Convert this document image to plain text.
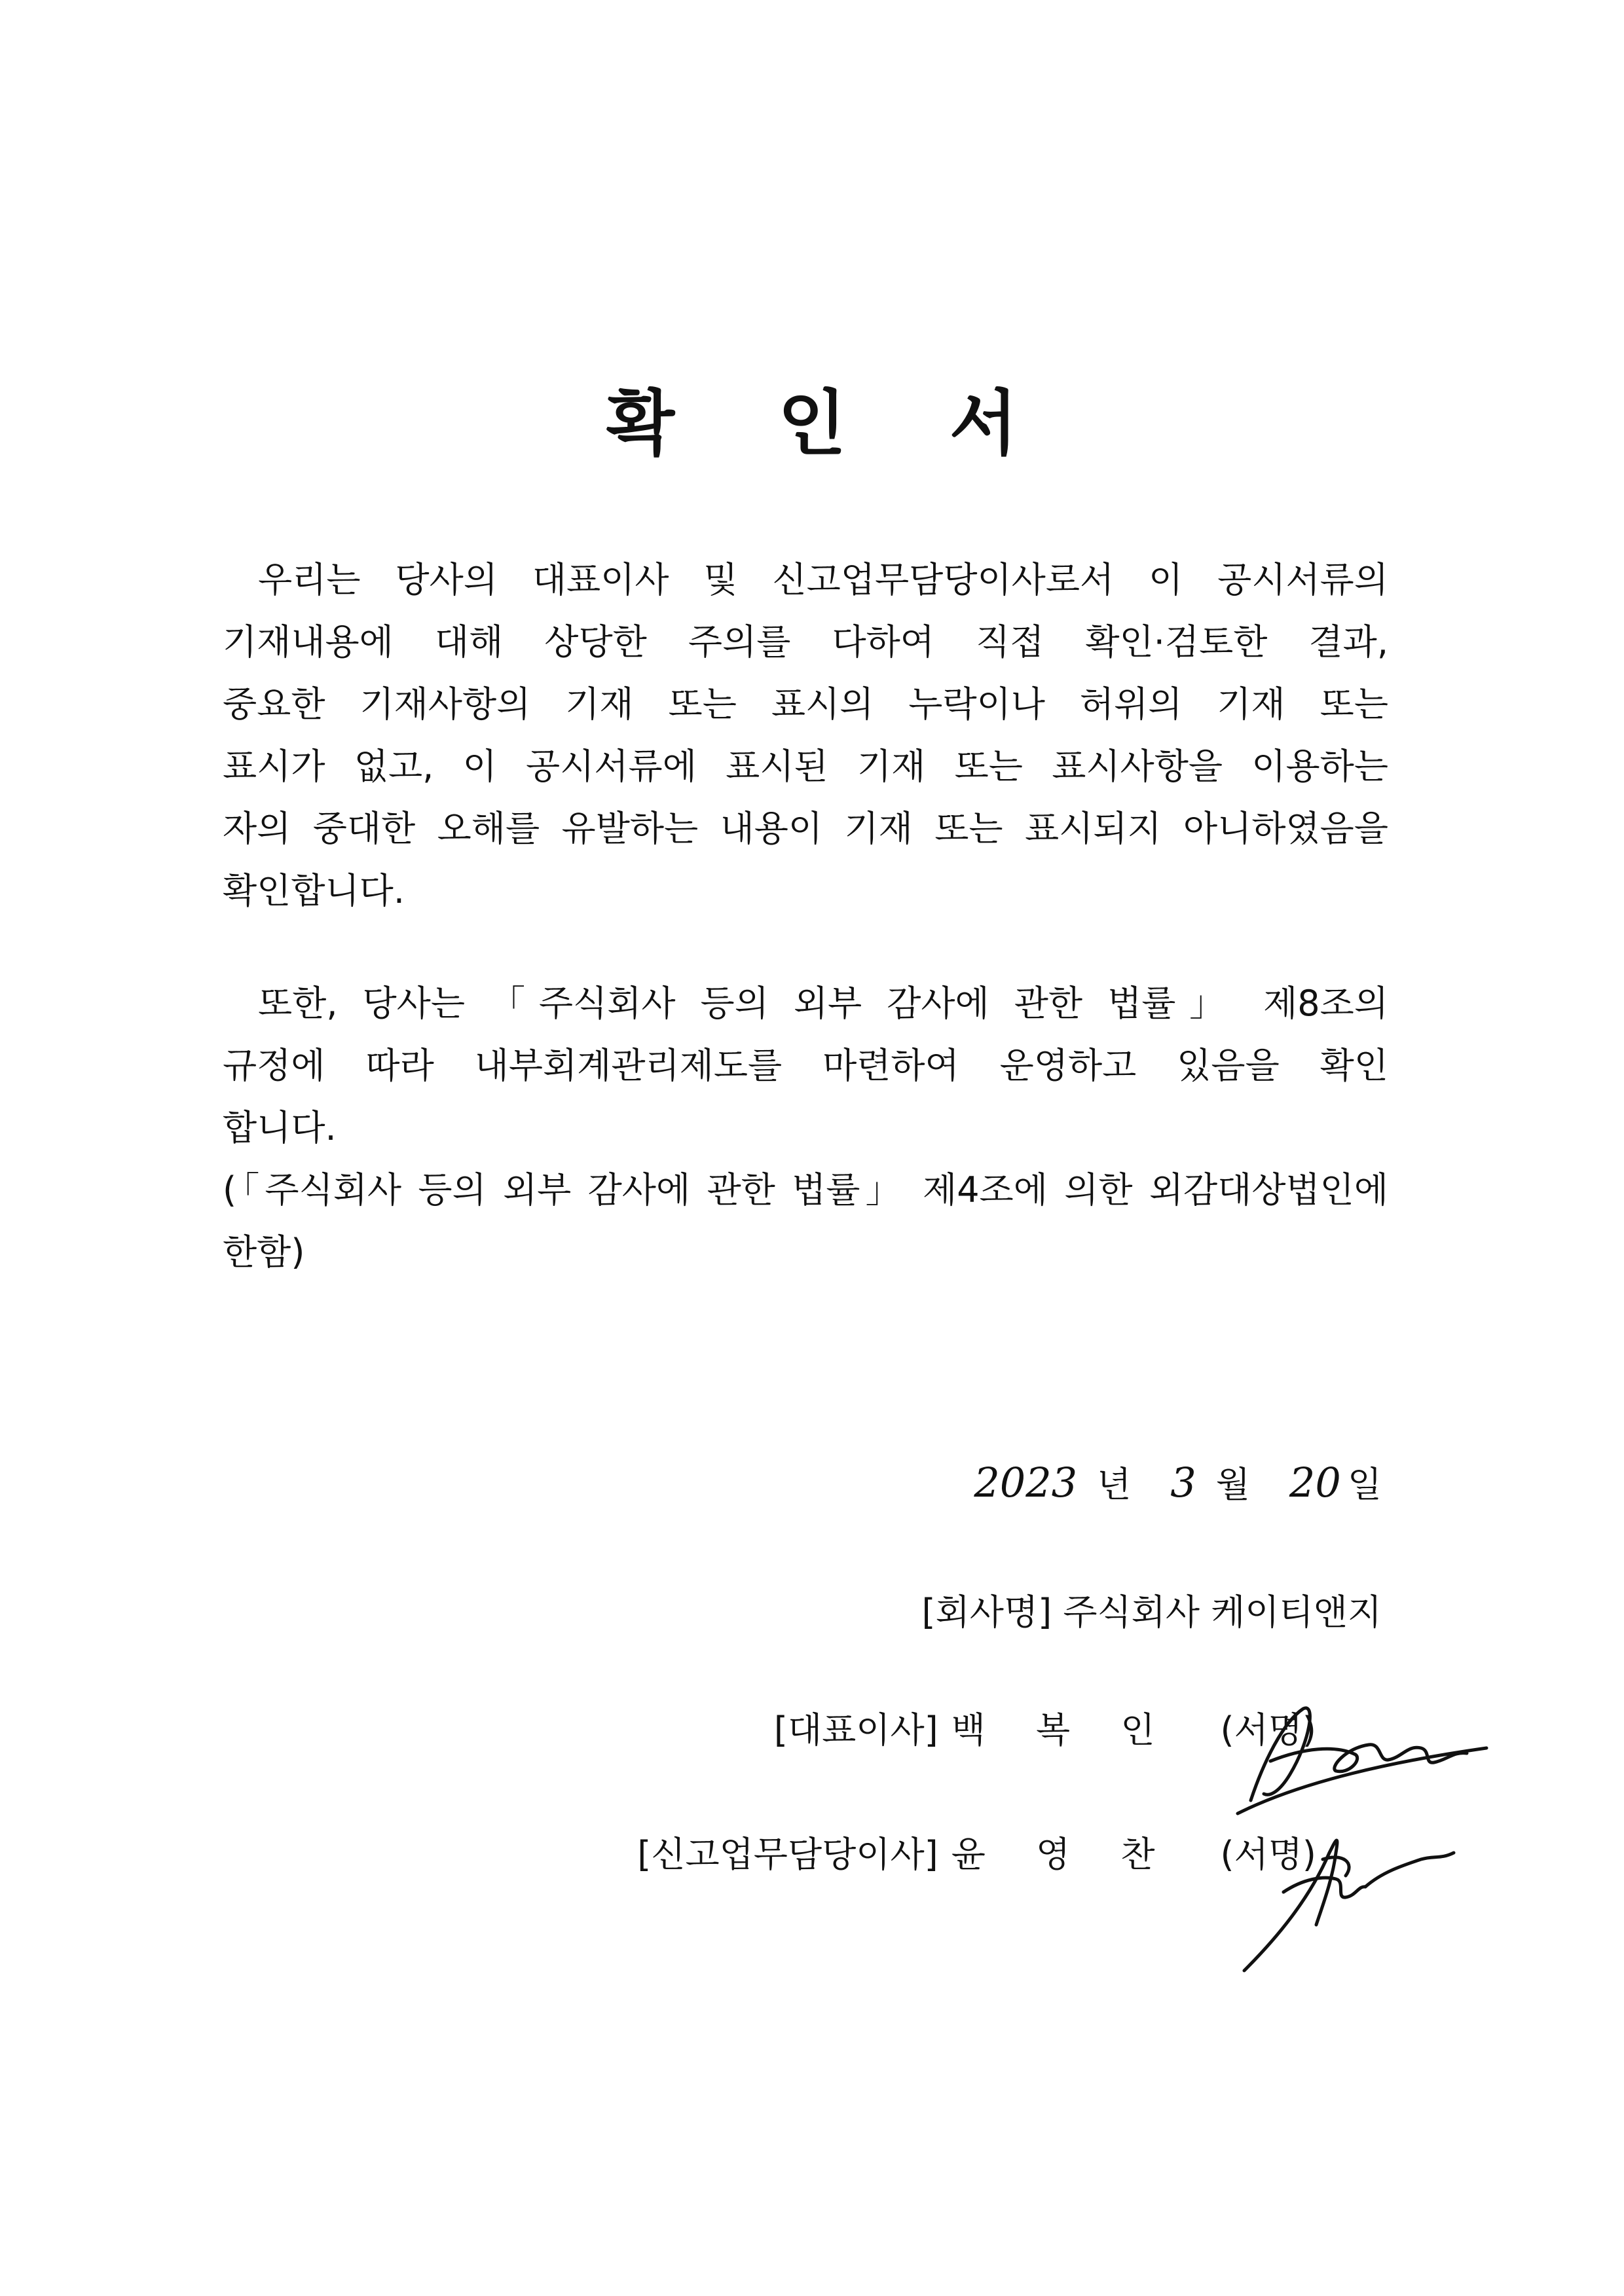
확 인 서
우리는 당사의 대표이사 및 신고업무담당이사로서 이 공시서류의
기재내용에 대해 상당한 주의를 다하여 직접 확인·검토한 결과,
중요한 기재사항의 기재 또는 표시의 누락이나 허위의 기재 또는
표시가 없고, 이 공시서류에 표시된 기재 또는 표시사항을 이용하는
자의 중대한 오해를 유발하는 내용이 기재 또는 표시되지 아니하였음을
확인합니다.
또한, 당사는 「주식회사 등의 외부 감사에 관한 법률」 제8조의
규정에 따라 내부회계관리제도를 마련하여 운영하고 있음을 확인
합니다.
(「주식회사 등의 외부 감사에 관한 법률」 제4조에 의한 외감대상법인에
한함)
2023 년 3 월 20 일
[회사명] 주식회사 케이티앤지
[대표이사] 백 복 인 (서명)
[신고업무담당이사] 윤 영 찬 (서명)
